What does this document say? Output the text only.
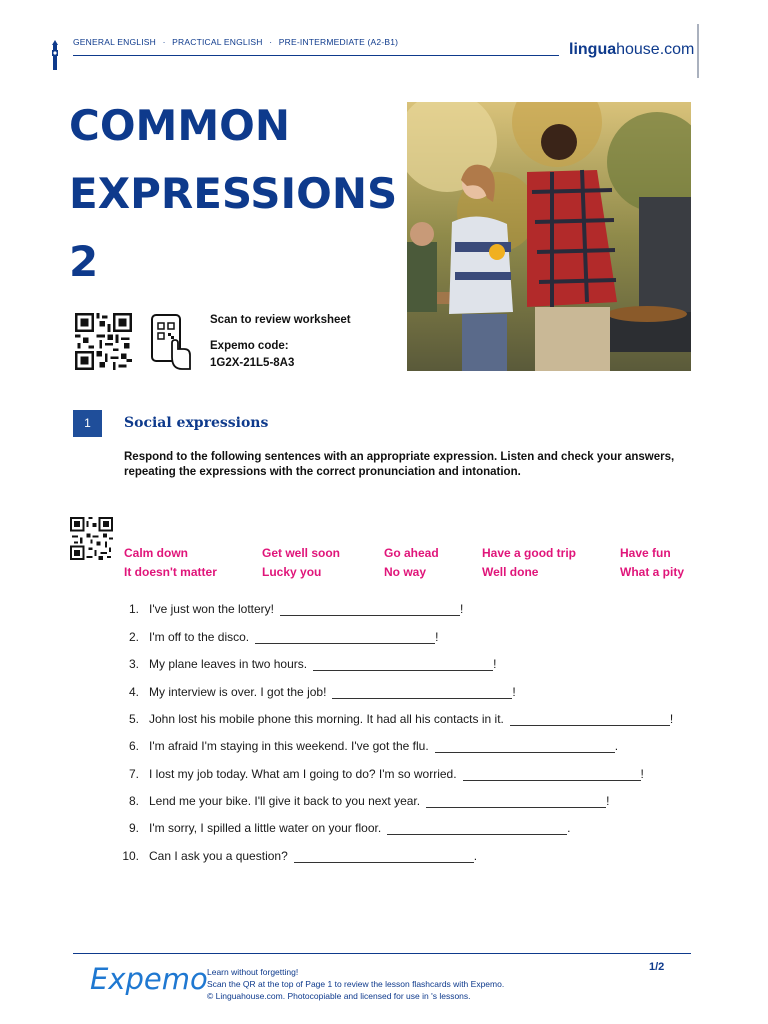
GENERAL ENGLISH · PRACTICAL ENGLISH · PRE-INTERMEDIATE (A2-B1)	linguahouse.com
COMMON
EXPRESSIONS
2
Scan to review worksheet
Expemo code:
1G2X-21L5-8A3
1	Social expressions
Respond to the following sentences with an appropriate expression. Listen and check your answers, repeating the expressions with the correct pronunciation and intonation.
Calm down	Get well soon	Go ahead	Have a good trip	Have fun
It doesn't matter	Lucky you	No way	Well done	What a pity
1. I've just won the lottery!	!
2. I'm off to the disco.	!
3. My plane leaves in two hours.	!
4. My interview is over. I got the job!	!
5. John lost his mobile phone this morning. It had all his contacts in it.	!
6. I'm afraid I'm staying in this weekend. I've got the flu.	.
7. I lost my job today. What am I going to do? I'm so worried.	!
8. Lend me your bike. I'll give it back to you next year.	!
9. I'm sorry, I spilled a little water on your floor.	.
10. Can I ask you a question?	.
Expemo Learn without forgetting!
Scan the QR at the top of Page 1 to review the lesson flashcards with Expemo.
© Linguahouse.com. Photocopiable and licensed for use in 's lessons.
1/2
